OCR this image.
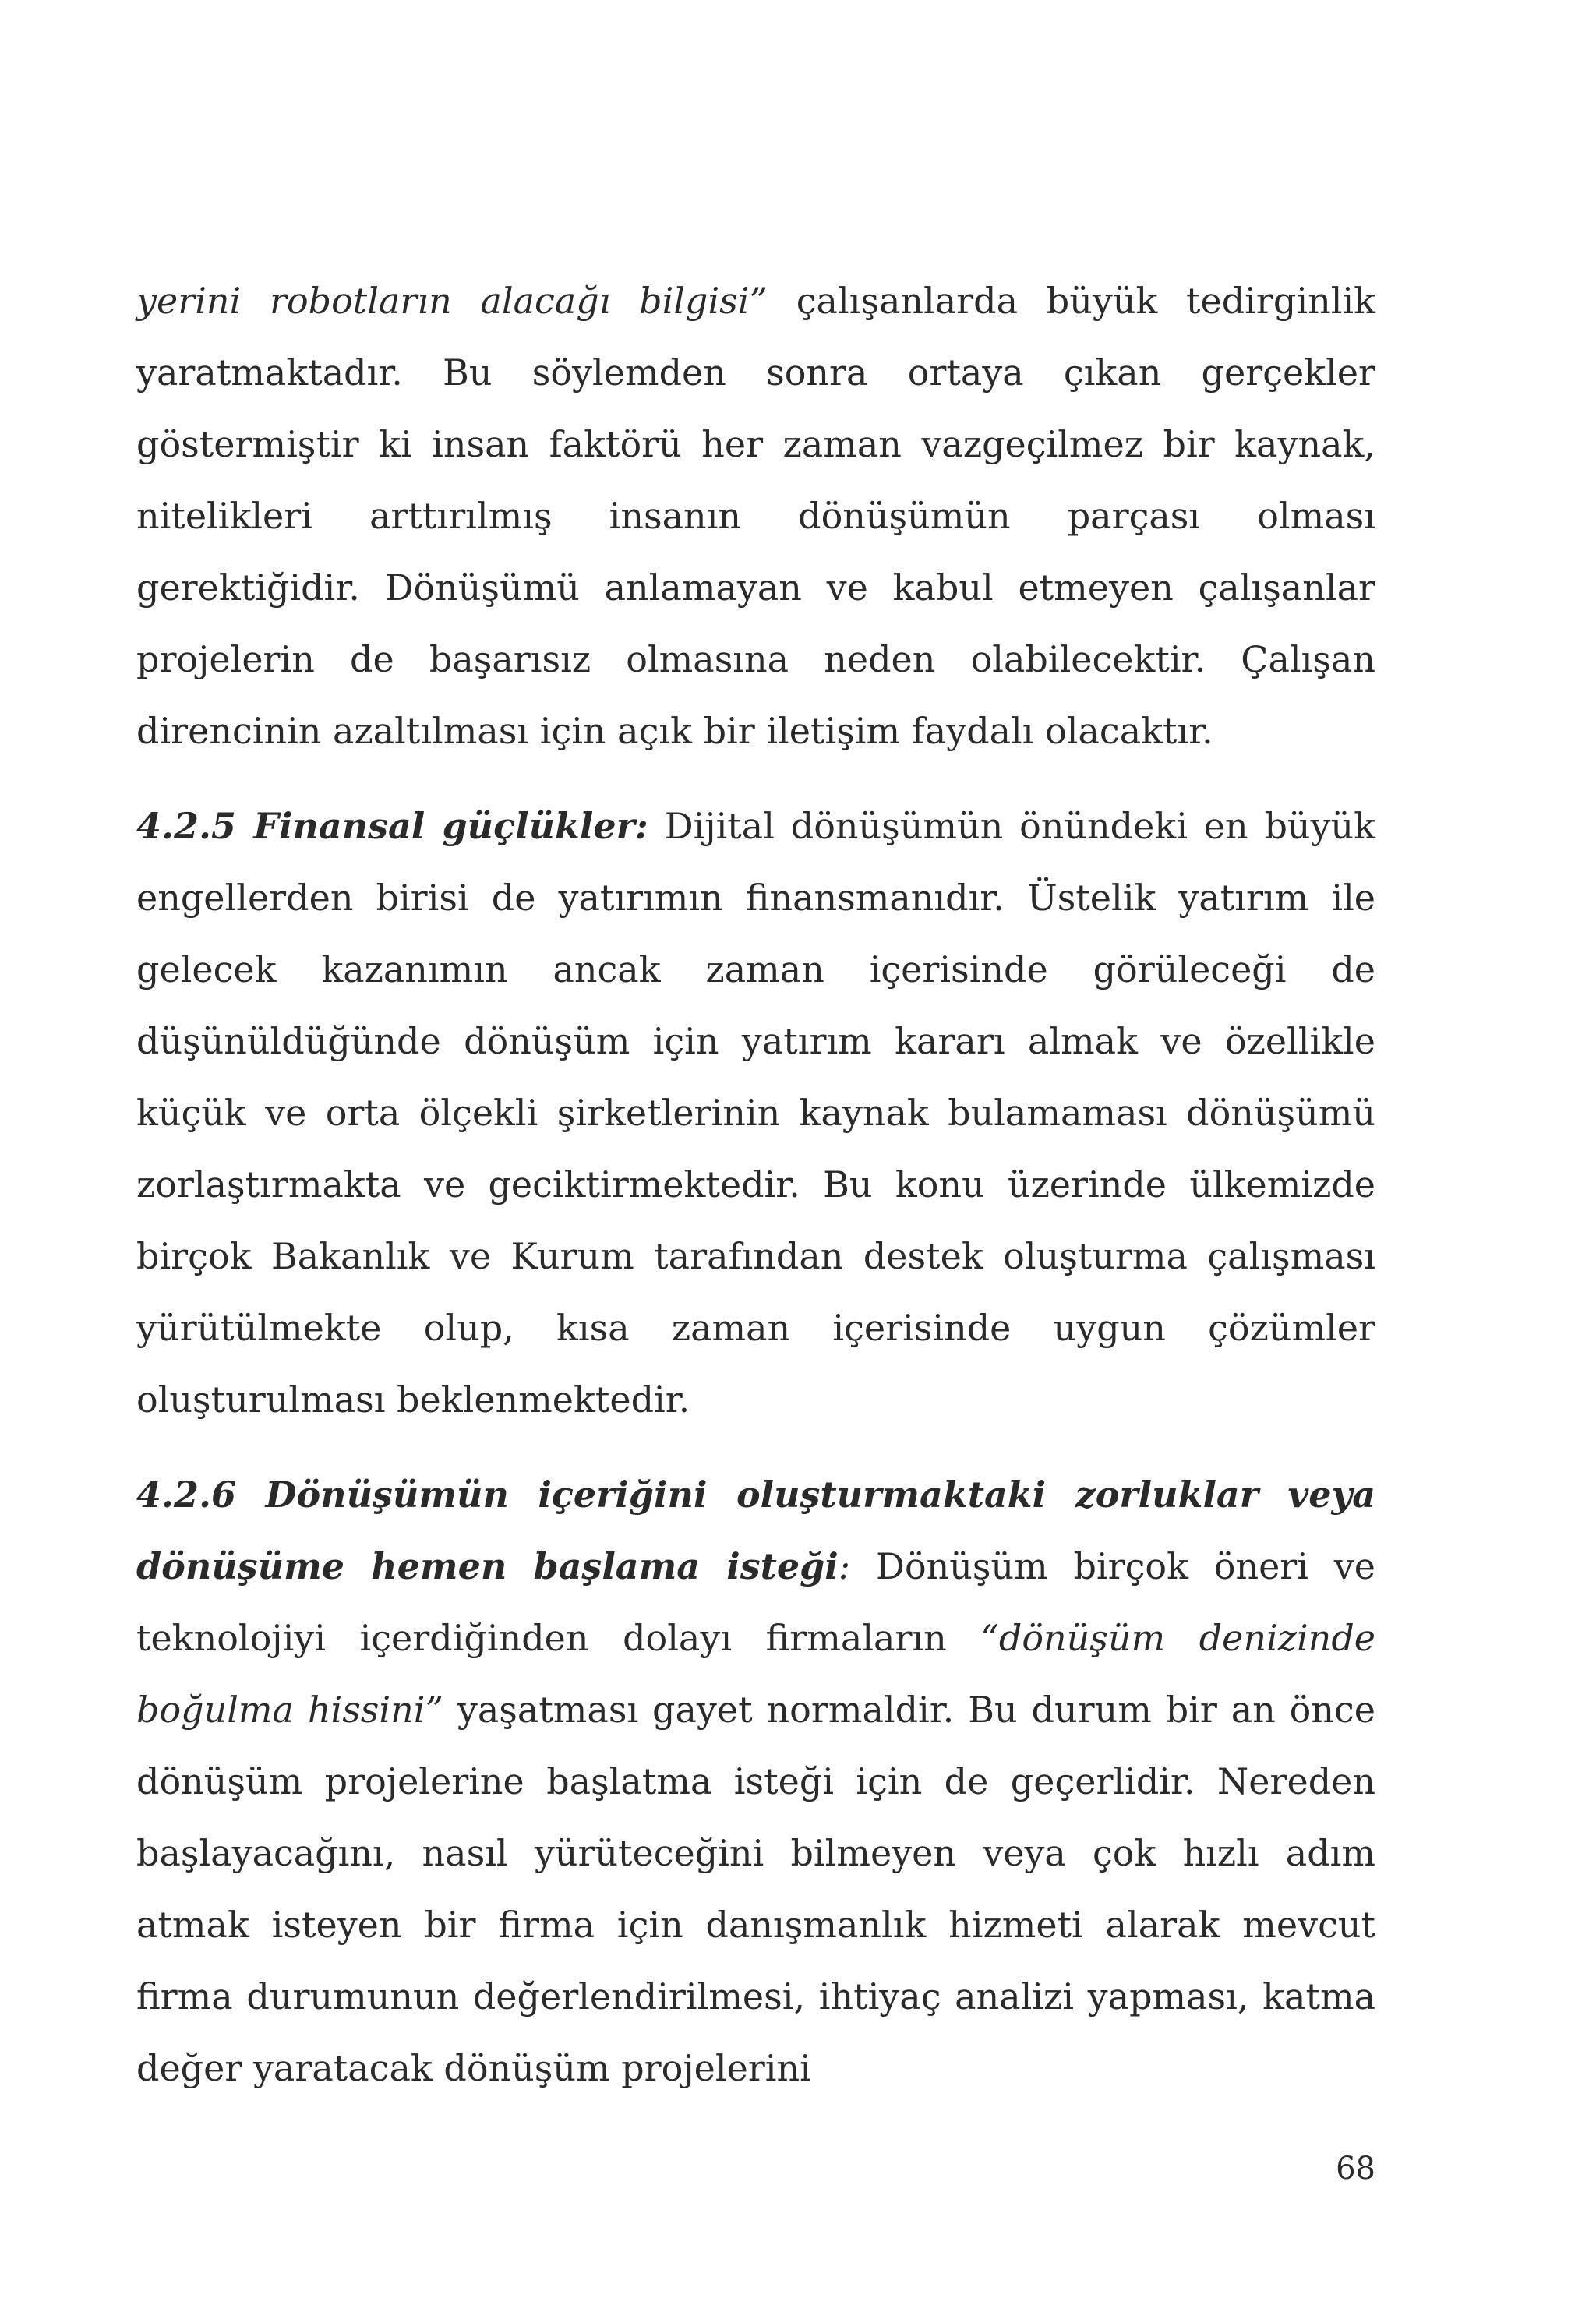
yerini robotların alacağı bilgisi” çalışanlarda büyük tedirginlik yaratmaktadır. Bu söylemden sonra ortaya çıkan gerçekler göstermiştir ki insan faktörü her zaman vazgeçilmez bir kaynak, nitelikleri arttırılmış insanın dönüşümün parçası olması gerektiğidir. Dönüşümü anlamayan ve kabul etmeyen çalışanlar projelerin de başarısız olmasına neden olabilecektir. Çalışan direncinin azaltılması için açık bir iletişim faydalı olacaktır.

4.2.5 Finansal güçlükler: Dijital dönüşümün önündeki en büyük engellerden birisi de yatırımın finansmanıdır. Üstelik yatırım ile gelecek kazanımın ancak zaman içerisinde görüleceği de düşünüldüğünde dönüşüm için yatırım kararı almak ve özellikle küçük ve orta ölçekli şirketlerinin kaynak bulamaması dönüşümü zorlaştırmakta ve geciktirmektedir. Bu konu üzerinde ülkemizde birçok Bakanlık ve Kurum tarafından destek oluşturma çalışması yürütülmekte olup, kısa zaman içerisinde uygun çözümler oluşturulması beklenmektedir.

4.2.6 Dönüşümün içeriğini oluşturmaktaki zorluklar veya dönüşüme hemen başlama isteği: Dönüşüm birçok öneri ve teknolojiyi içerdiğinden dolayı firmaların “dönüşüm denizinde boğulma hissini” yaşatması gayet normaldir. Bu durum bir an önce dönüşüm projelerine başlatma isteği için de geçerlidir. Nereden başlayacağını, nasıl yürüteceğini bilmeyen veya çok hızlı adım atmak isteyen bir firma için danışmanlık hizmeti alarak mevcut firma durumunun değerlendirilmesi, ihtiyaç analizi yapması, katma değer yaratacak dönüşüm projelerini

68
